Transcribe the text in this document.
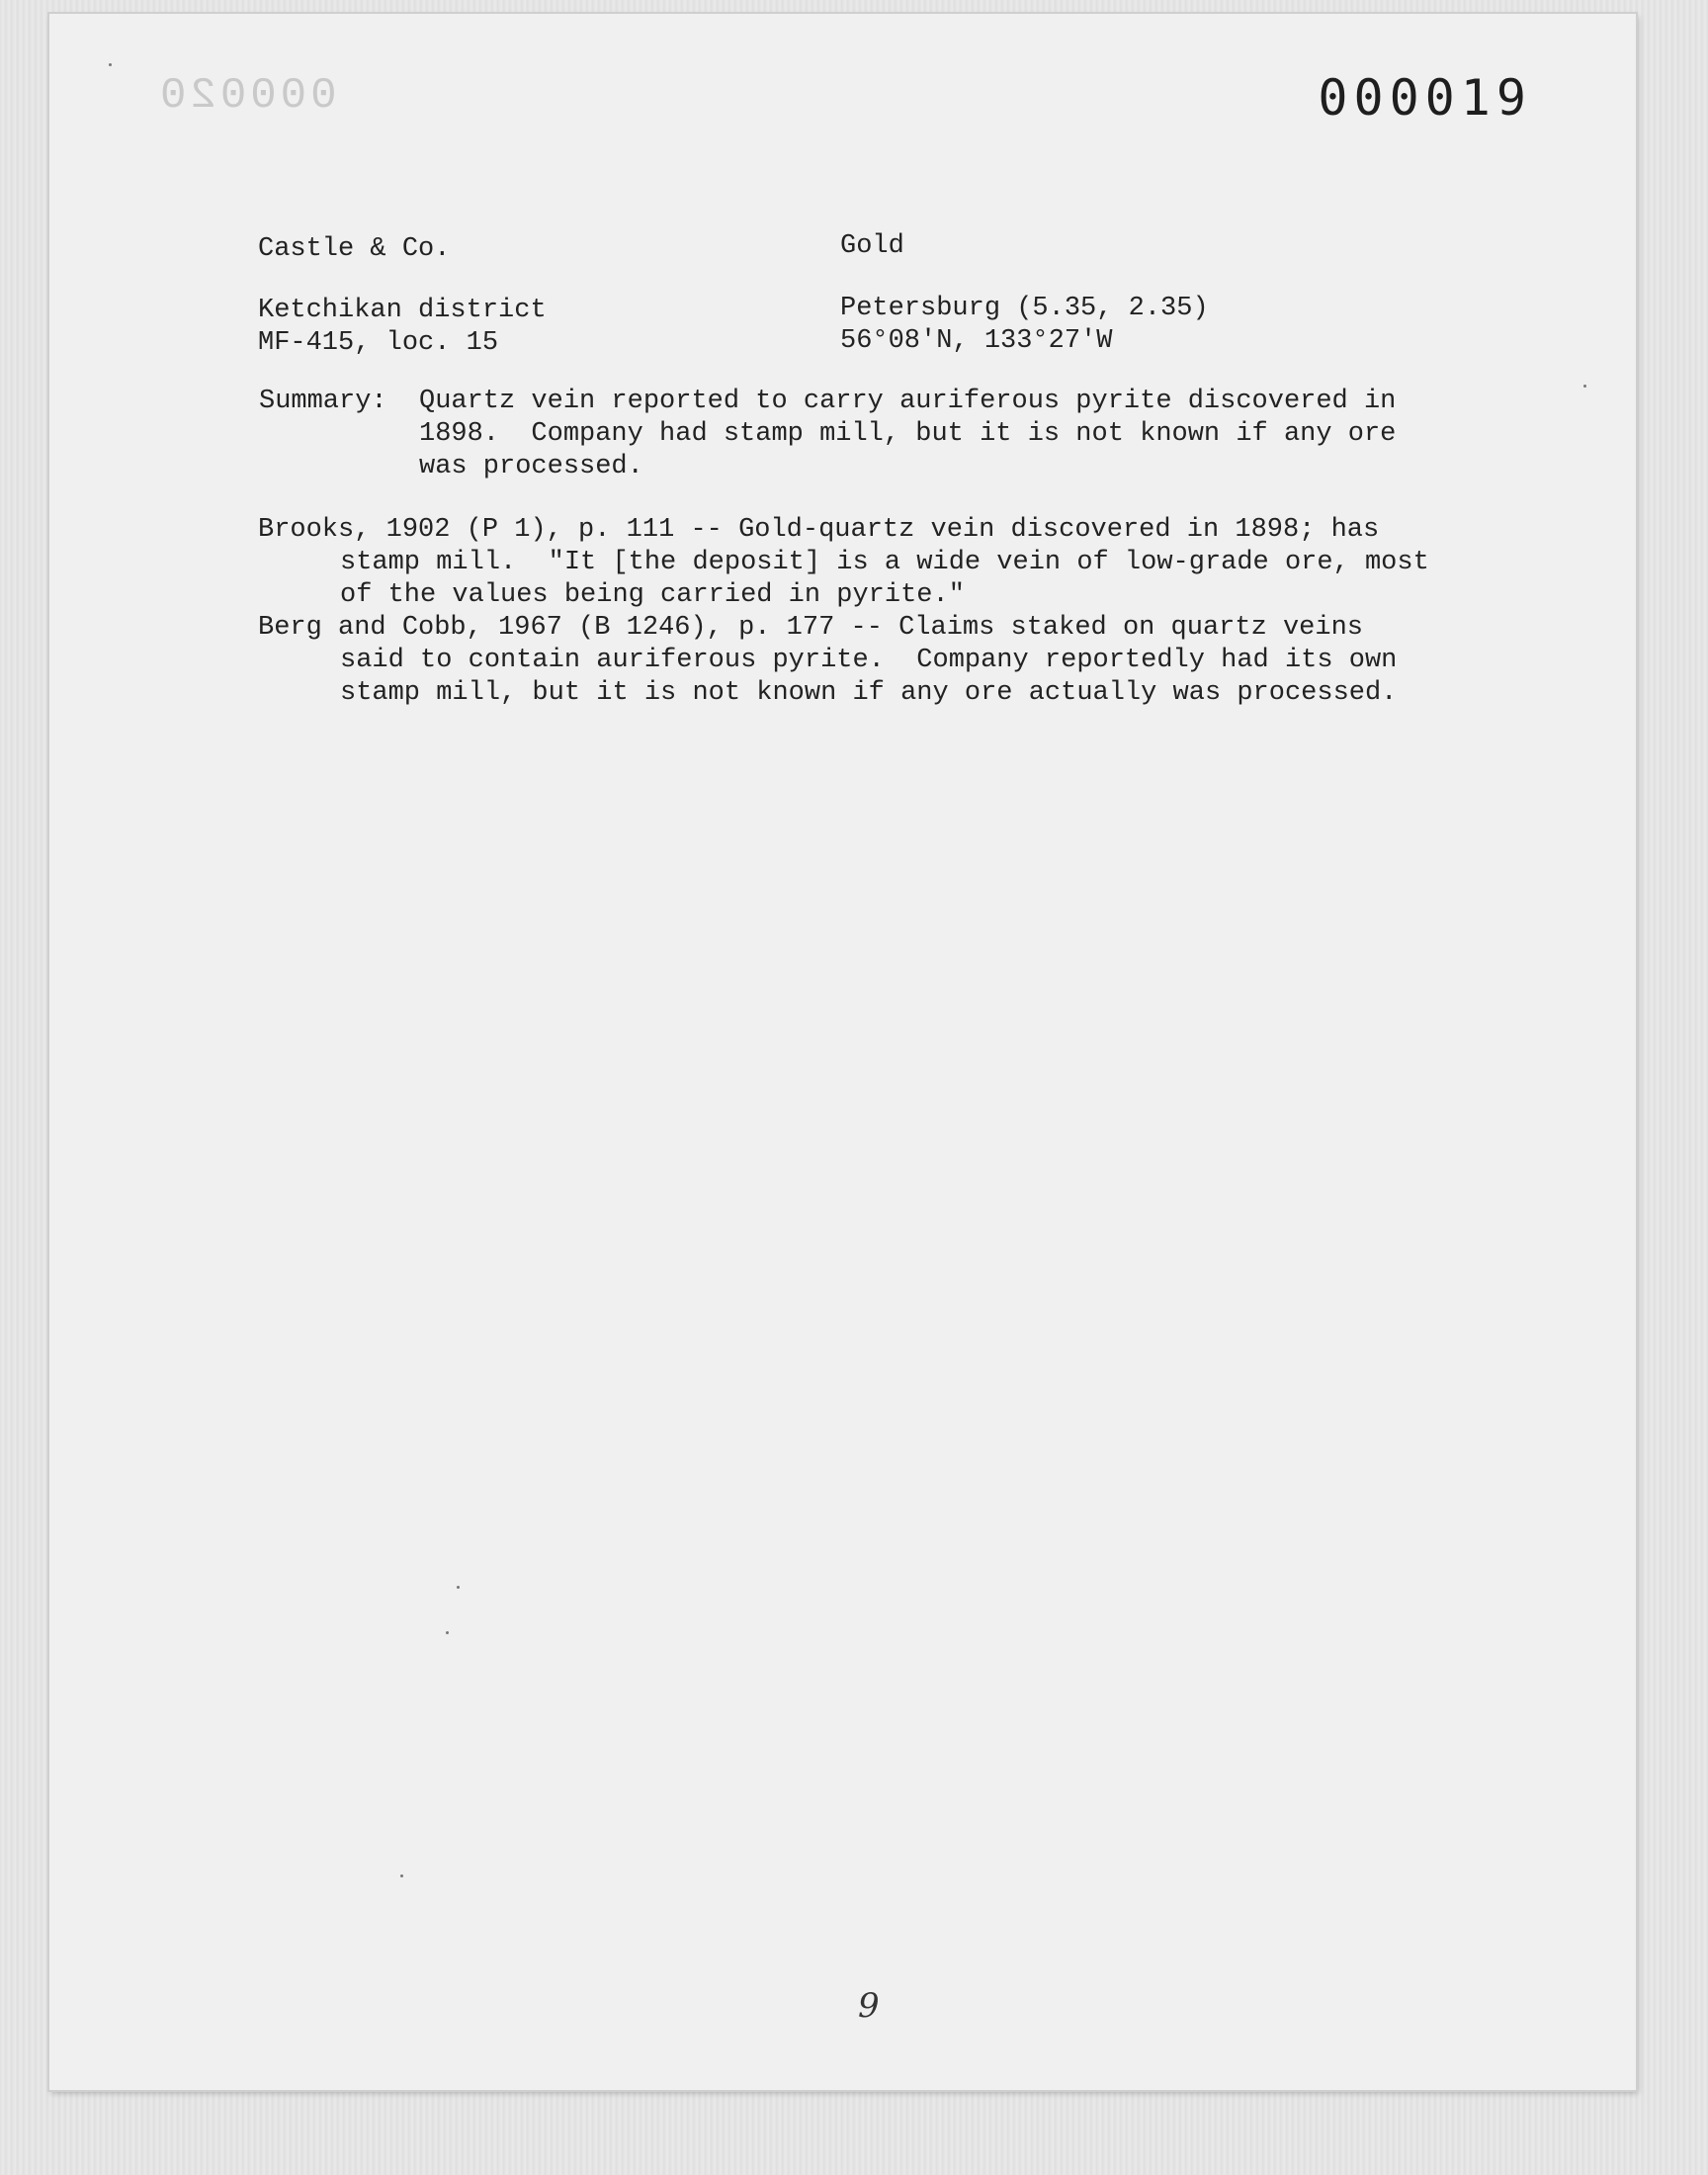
000020	000019
Castle & Co.	Gold
Ketchikan district
MF-415, loc. 15
Petersburg (5.35, 2.35)
56°08'N, 133°27'W
Summary: Quartz vein reported to carry auriferous pyrite discovered in
1898.  Company had stamp mill, but it is not known if any ore
was processed.
Brooks, 1902 (P 1), p. 111 -- Gold-quartz vein discovered in 1898; has
stamp mill.  "It [the deposit] is a wide vein of low-grade ore, most
of the values being carried in pyrite."
Berg and Cobb, 1967 (B 1246), p. 177 -- Claims staked on quartz veins
said to contain auriferous pyrite.  Company reportedly had its own
stamp mill, but it is not known if any ore actually was processed.
9
